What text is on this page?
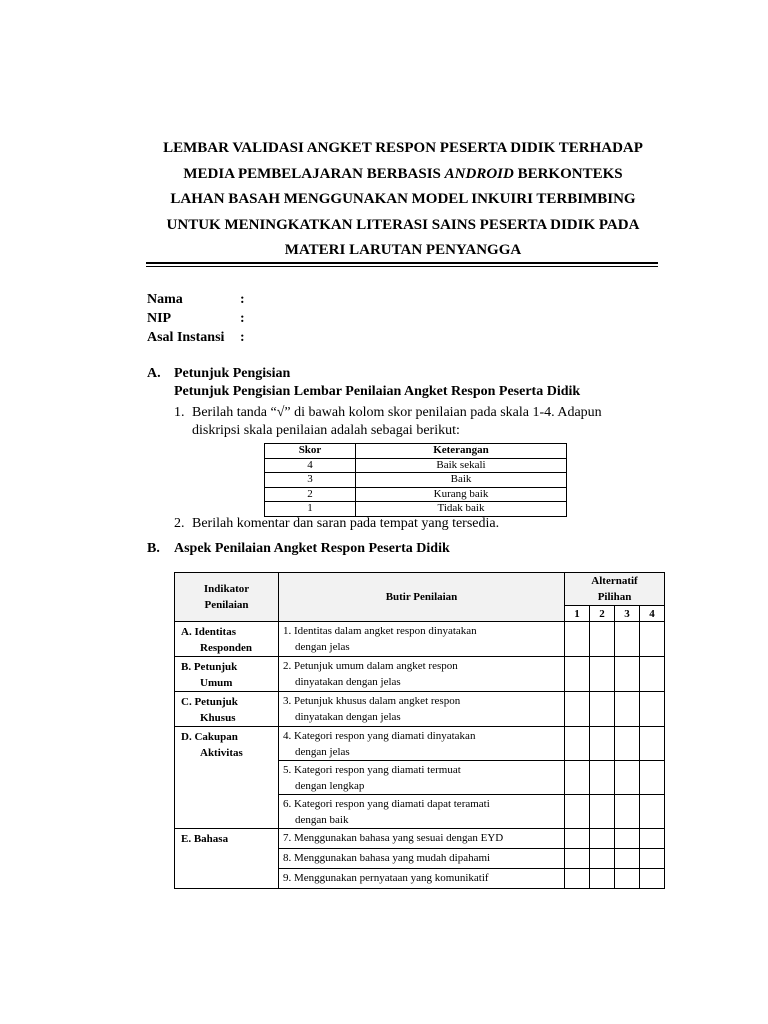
LEMBAR VALIDASI ANGKET RESPON PESERTA DIDIK TERHADAP
MEDIA PEMBELAJARAN BERBASIS ANDROID BERKONTEKS
LAHAN BASAH MENGGUNAKAN MODEL INKUIRI TERBIMBING
UNTUK MENINGKATKAN LITERASI SAINS PESERTA DIDIK PADA
MATERI LARUTAN PENYANGGA
Nama	:
NIP	:
Asal Instansi :
A. Petunjuk Pengisian
Petunjuk Pengisian Lembar Penilaian Angket Respon Peserta Didik
1. Berilah tanda “√” di bawah kolom skor penilaian pada skala 1-4. Adapun
diskripsi skala penilaian adalah sebagai berikut:
Skor	Keterangan
4	Baik sekali
3	Baik
2	Kurang baik
1	Tidak baik
2. Berilah komentar dan saran pada tempat yang tersedia.
B. Aspek Penilaian Angket Respon Peserta Didik
Indikator
Penilaian	Butir Penilaian	Alternatif
Pilihan			

		1	2	3	4
A. Identitas
Responden	1. Identitas dalam angket respon dinyatakan
dengan jelas				

B. Petunjuk
Umum	2. Petunjuk umum dalam angket respon
dinyatakan dengan jelas				

C. Petunjuk
Khusus	3. Petunjuk khusus dalam angket respon
dinyatakan dengan jelas				

D. Cakupan
Aktivitas	4. Kategori respon yang diamati dinyatakan
dengan jelas				

	5. Kategori respon yang diamati termuat
dengan lengkap				

	6. Kategori respon yang diamati dapat teramati
dengan baik				

E. Bahasa	7. Menggunakan bahasa yang sesuai dengan EYD				
	8. Menggunakan bahasa yang mudah dipahami				
	9. Menggunakan pernyataan yang komunikatif				
